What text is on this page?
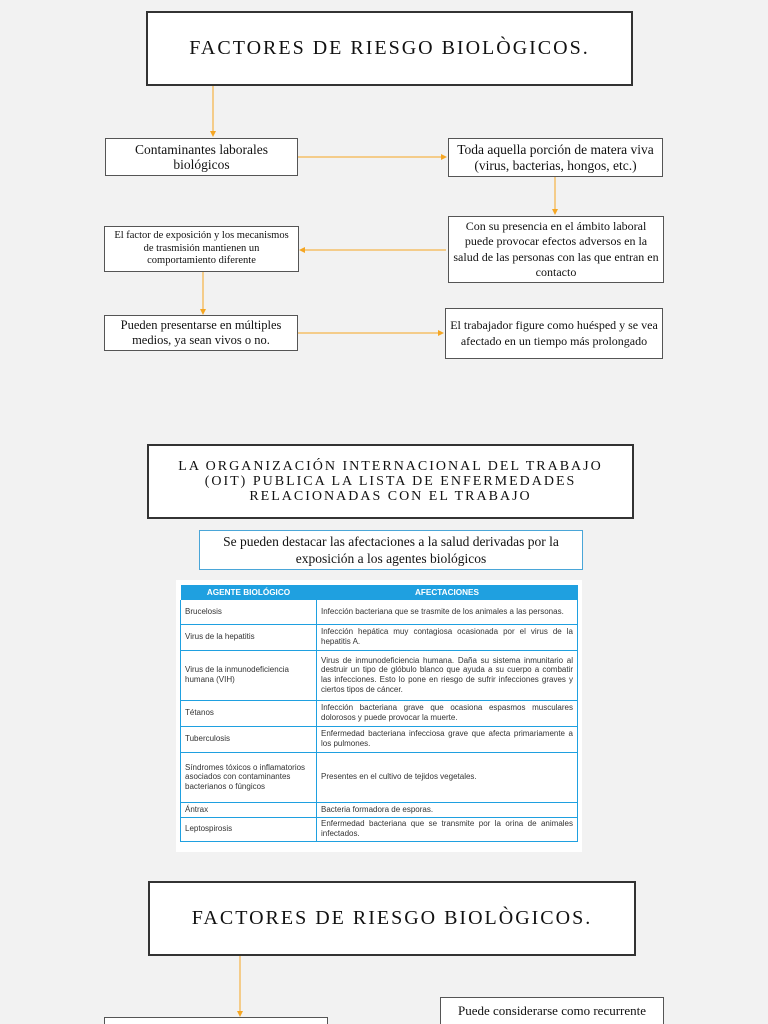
FACTORES DE RIESGO BIOLÒGICOS.
Contaminantes laborales biológicos
Toda aquella porción de matera viva (virus, bacterias, hongos, etc.)
El factor de exposición y los mecanismos de trasmisión mantienen un comportamiento diferente
Con su presencia en el ámbito laboral puede provocar efectos adversos en la salud de las personas con las que entran en contacto
Pueden presentarse en múltiples medios, ya sean vivos o no.
El trabajador figure como huésped y se vea afectado en un tiempo más prolongado
LA ORGANIZACIÓN INTERNACIONAL DEL TRABAJO (OIT) PUBLICA LA LISTA DE ENFERMEDADES RELACIONADAS CON EL TRABAJO
Se pueden destacar las afectaciones a la salud derivadas por la exposición a los agentes biológicos
AGENTE BIOLÓGICO	AFECTACIONES
Brucelosis	Infección bacteriana que se trasmite de los animales a las personas.
Virus de la hepatitis	Infección hepática muy contagiosa ocasionada por el virus de la hepatitis A.
Virus de la inmunodeficiencia humana (VIH)	Virus de inmunodeficiencia humana. Daña su sistema inmunitario al destruir un tipo de glóbulo blanco que ayuda a su cuerpo a combatir las infecciones. Esto lo pone en riesgo de sufrir infecciones graves y ciertos tipos de cáncer.
Tétanos	Infección bacteriana grave que ocasiona espasmos musculares dolorosos y puede provocar la muerte.
Tuberculosis	Enfermedad bacteriana infecciosa grave que afecta primariamente a los pulmones.
Síndromes tóxicos o inflamatorios asociados con contaminantes bacterianos o fúngicos	Presentes en el cultivo de tejidos vegetales.
Ántrax	Bacteria formadora de esporas.
Leptospirosis	Enfermedad bacteriana que se transmite por la orina de animales infectados.
FACTORES DE RIESGO BIOLÒGICOS.
Puede considerarse como recurrente
